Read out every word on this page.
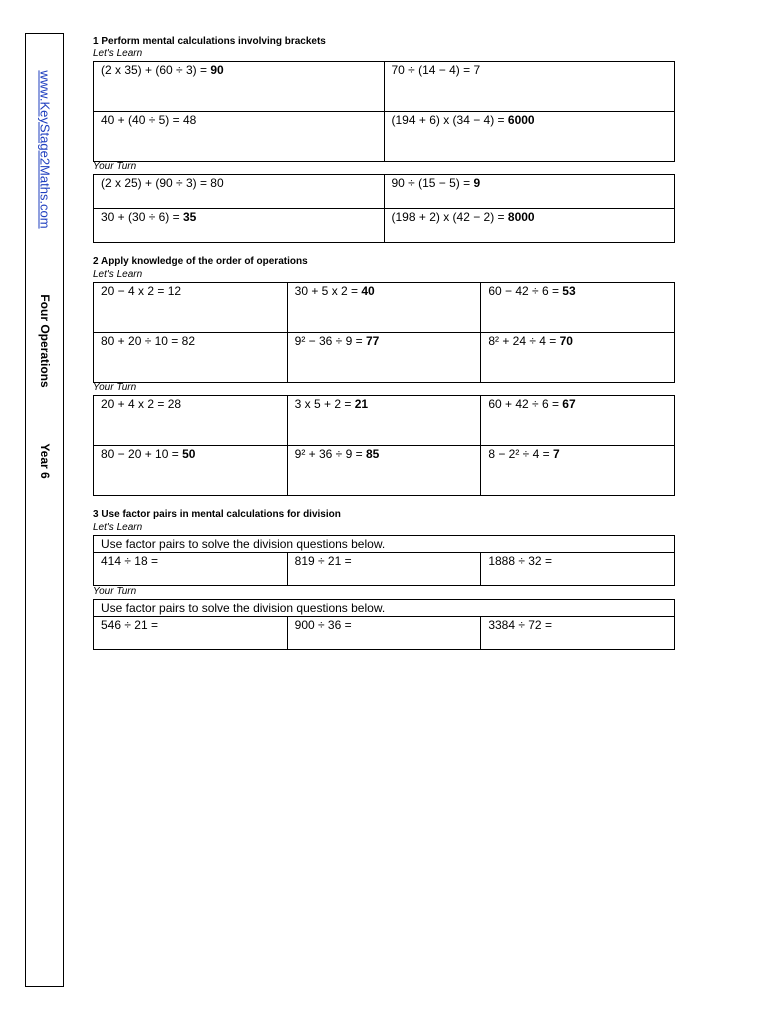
www.KeyStage2Maths.com
Four Operations
Year 6
1 Perform mental calculations involving brackets
Let's Learn
(2 x 35) + (60 ÷ 3) = 90	70 ÷ (14 − 4) = 7
40 + (40 ÷ 5) = 48	(194 + 6) x (34 − 4) = 6000
Your Turn
(2 x 25) + (90 ÷ 3) = 80	90 ÷ (15 − 5) = 9
30 + (30 ÷ 6) = 35	(198 + 2) x (42 − 2) = 8000
2 Apply knowledge of the order of operations
Let's Learn
20 − 4 x 2 = 12	30 + 5 x 2 = 40	60 − 42 ÷ 6 = 53
80 + 20 ÷ 10 = 82	9² − 36 ÷ 9 = 77	8² + 24 ÷ 4 = 70
Your Turn
20 + 4 x 2 = 28	3 x 5 + 2 = 21	60 + 42 ÷ 6 = 67
80 − 20 + 10 = 50	9² + 36 ÷ 9 = 85	8 − 2² ÷ 4 = 7
3 Use factor pairs in mental calculations for division
Let's Learn
Use factor pairs to solve the division questions below.
414 ÷ 18 =	819 ÷ 21 =	1888 ÷ 32 =
Your Turn
Use factor pairs to solve the division questions below.
546 ÷ 21 =	900 ÷ 36 =	3384 ÷ 72 =
